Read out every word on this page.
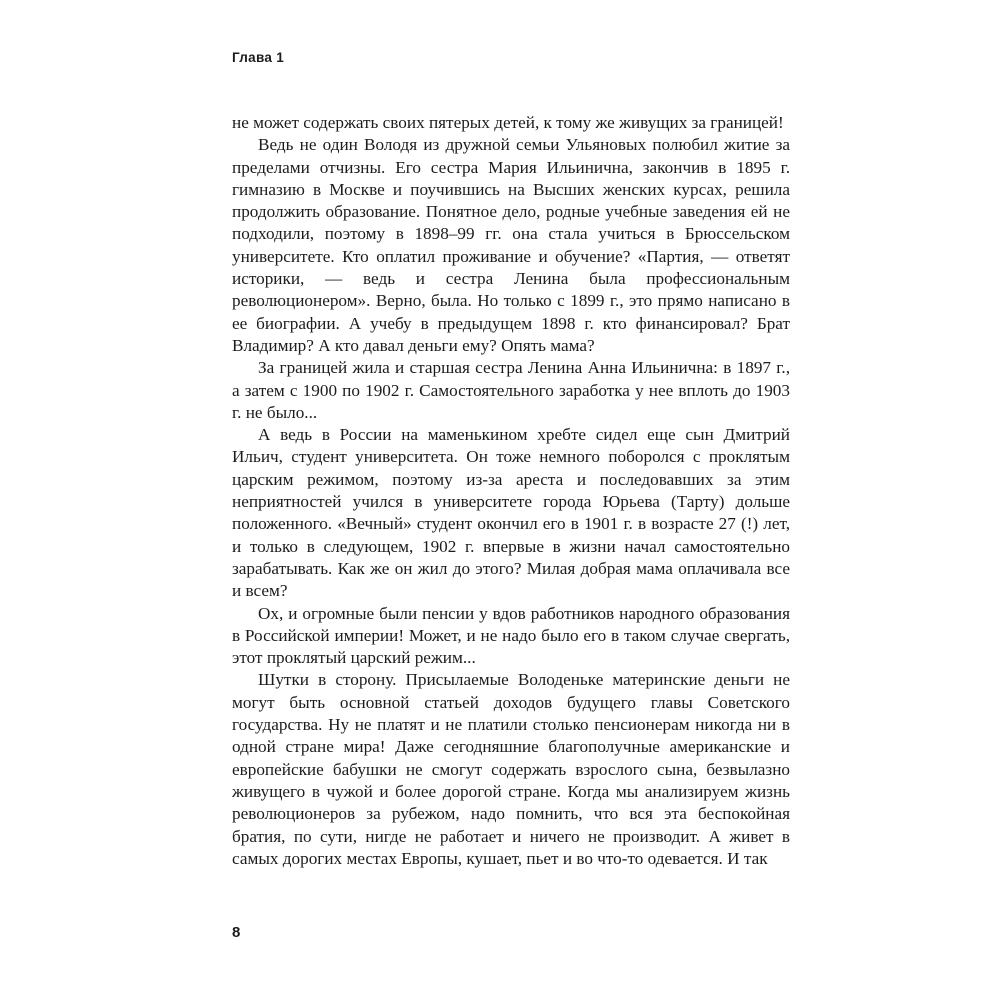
Глава 1

не может содержать своих пятерых детей, к тому же живущих за границей!

Ведь не один Володя из дружной семьи Ульяновых полюбил житие за пределами отчизны. Его сестра Мария Ильинична, закончив в 1895 г. гимназию в Москве и поучившись на Высших женских курсах, решила продолжить образование. Понятное дело, родные учебные заведения ей не подходили, поэтому в 1898–99 гг. она стала учиться в Брюссельском университете. Кто оплатил проживание и обучение? «Партия, — ответят историки, — ведь и сестра Ленина была профессиональным революционером». Верно, была. Но только с 1899 г., это прямо написано в ее биографии. А учебу в предыдущем 1898 г. кто финансировал? Брат Владимир? А кто давал деньги ему? Опять мама?

За границей жила и старшая сестра Ленина Анна Ильинична: в 1897 г., а затем с 1900 по 1902 г. Самостоятельного заработка у нее вплоть до 1903 г. не было...

А ведь в России на маменькином хребте сидел еще сын Дмитрий Ильич, студент университета. Он тоже немного поборолся с проклятым царским режимом, поэтому из-за ареста и последовавших за этим неприятностей учился в университете города Юрьева (Тарту) дольше положенного. «Вечный» студент окончил его в 1901 г. в возрасте 27 (!) лет, и только в следующем, 1902 г. впервые в жизни начал самостоятельно зарабатывать. Как же он жил до этого? Милая добрая мама оплачивала все и всем?

Ох, и огромные были пенсии у вдов работников народного образования в Российской империи! Может, и не надо было его в таком случае свергать, этот проклятый царский режим...

Шутки в сторону. Присылаемые Володеньке материнские деньги не могут быть основной статьей доходов будущего главы Советского государства. Ну не платят и не платили столько пенсионерам никогда ни в одной стране мира! Даже сегодняшние благополучные американские и европейские бабушки не смогут содержать взрослого сына, безвылазно живущего в чужой и более дорогой стране. Когда мы анализируем жизнь революционеров за рубежом, надо помнить, что вся эта беспокойная братия, по сути, нигде не работает и ничего не производит. А живет в самых дорогих местах Европы, кушает, пьет и во что-то одевается. И так

8
